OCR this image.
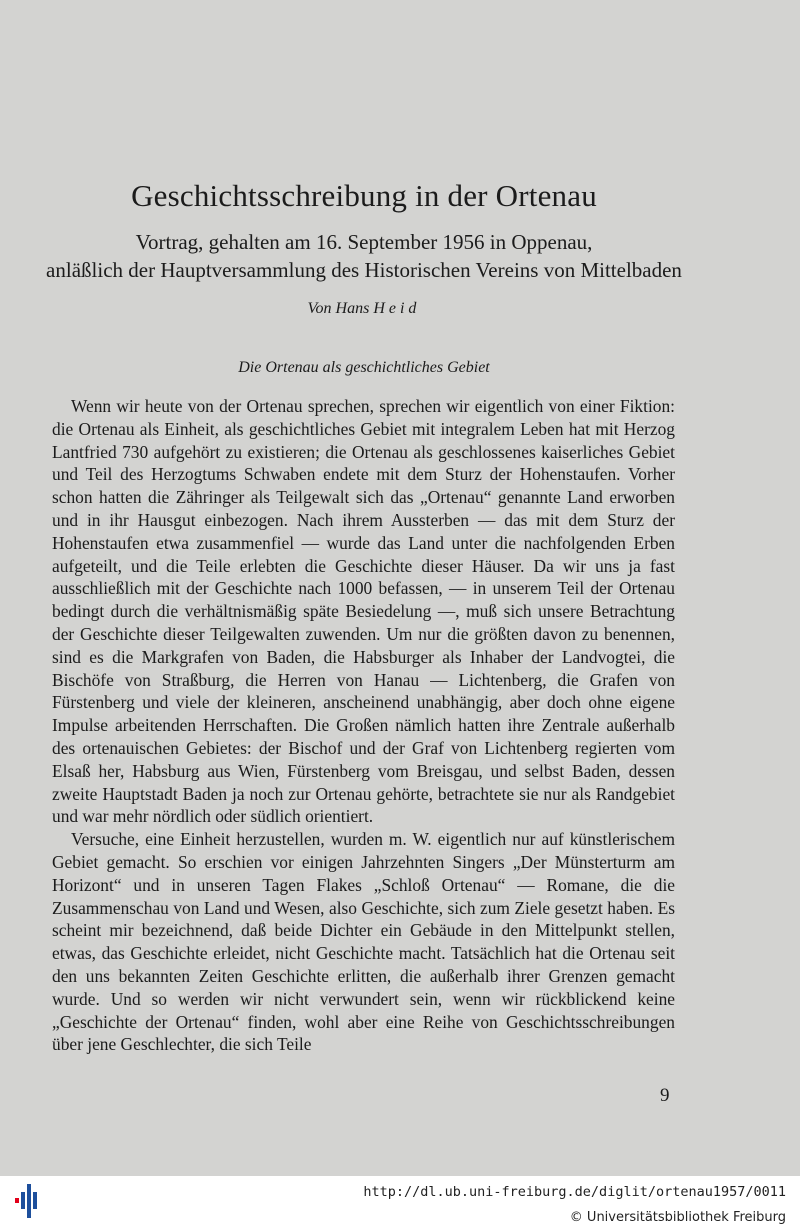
Geschichtsschreibung in der Ortenau
Vortrag, gehalten am 16. September 1956 in Oppenau,
anläßlich der Hauptversammlung des Historischen Vereins von Mittelbaden
Von Hans Heid
Die Ortenau als geschichtliches Gebiet

Wenn wir heute von der Ortenau sprechen, sprechen wir eigentlich von einer Fiktion: die Ortenau als Einheit, als geschichtliches Gebiet mit integralem Leben hat mit Herzog Lantfried 730 aufgehört zu existieren; die Ortenau als geschlossenes kaiserliches Gebiet und Teil des Herzogtums Schwaben endete mit dem Sturz der Hohenstaufen. Vorher schon hatten die Zähringer als Teilgewalt sich das „Ortenau“ genannte Land erworben und in ihr Hausgut einbezogen. Nach ihrem Aussterben — das mit dem Sturz der Hohenstaufen etwa zusammenfiel — wurde das Land unter die nachfolgenden Erben aufgeteilt, und die Teile erlebten die Geschichte dieser Häuser. Da wir uns ja fast ausschließlich mit der Geschichte nach 1000 befassen, — in unserem Teil der Ortenau bedingt durch die verhältnismäßig späte Besiedelung —, muß sich unsere Betrachtung der Geschichte dieser Teilgewalten zuwenden. Um nur die größten davon zu benennen, sind es die Markgrafen von Baden, die Habsburger als Inhaber der Landvogtei, die Bischöfe von Straßburg, die Herren von Hanau — Lichtenberg, die Grafen von Fürstenberg und viele der kleineren, anscheinend unabhängig, aber doch ohne eigene Impulse arbeitenden Herrschaften. Die Großen nämlich hatten ihre Zentrale außerhalb des ortenauischen Gebietes: der Bischof und der Graf von Lichtenberg regierten vom Elsaß her, Habsburg aus Wien, Fürstenberg vom Breisgau, und selbst Baden, dessen zweite Hauptstadt Baden ja noch zur Ortenau gehörte, betrachtete sie nur als Randgebiet und war mehr nördlich oder südlich orientiert.

Versuche, eine Einheit herzustellen, wurden m. W. eigentlich nur auf künstlerischem Gebiet gemacht. So erschien vor einigen Jahrzehnten Singers „Der Münsterturm am Horizont“ und in unseren Tagen Flakes „Schloß Ortenau“ — Romane, die die Zusammenschau von Land und Wesen, also Geschichte, sich zum Ziele gesetzt haben. Es scheint mir bezeichnend, daß beide Dichter ein Gebäude in den Mittelpunkt stellen, etwas, das Geschichte erleidet, nicht Geschichte macht. Tatsächlich hat die Ortenau seit den uns bekannten Zeiten Geschichte erlitten, die außerhalb ihrer Grenzen gemacht wurde. Und so werden wir nicht verwundert sein, wenn wir rückblickend keine „Geschichte der Ortenau“ finden, wohl aber eine Reihe von Geschichtsschreibungen über jene Geschlechter, die sich Teile

9
http://dl.ub.uni-freiburg.de/diglit/ortenau1957/0011
© Universitätsbibliothek Freiburg
